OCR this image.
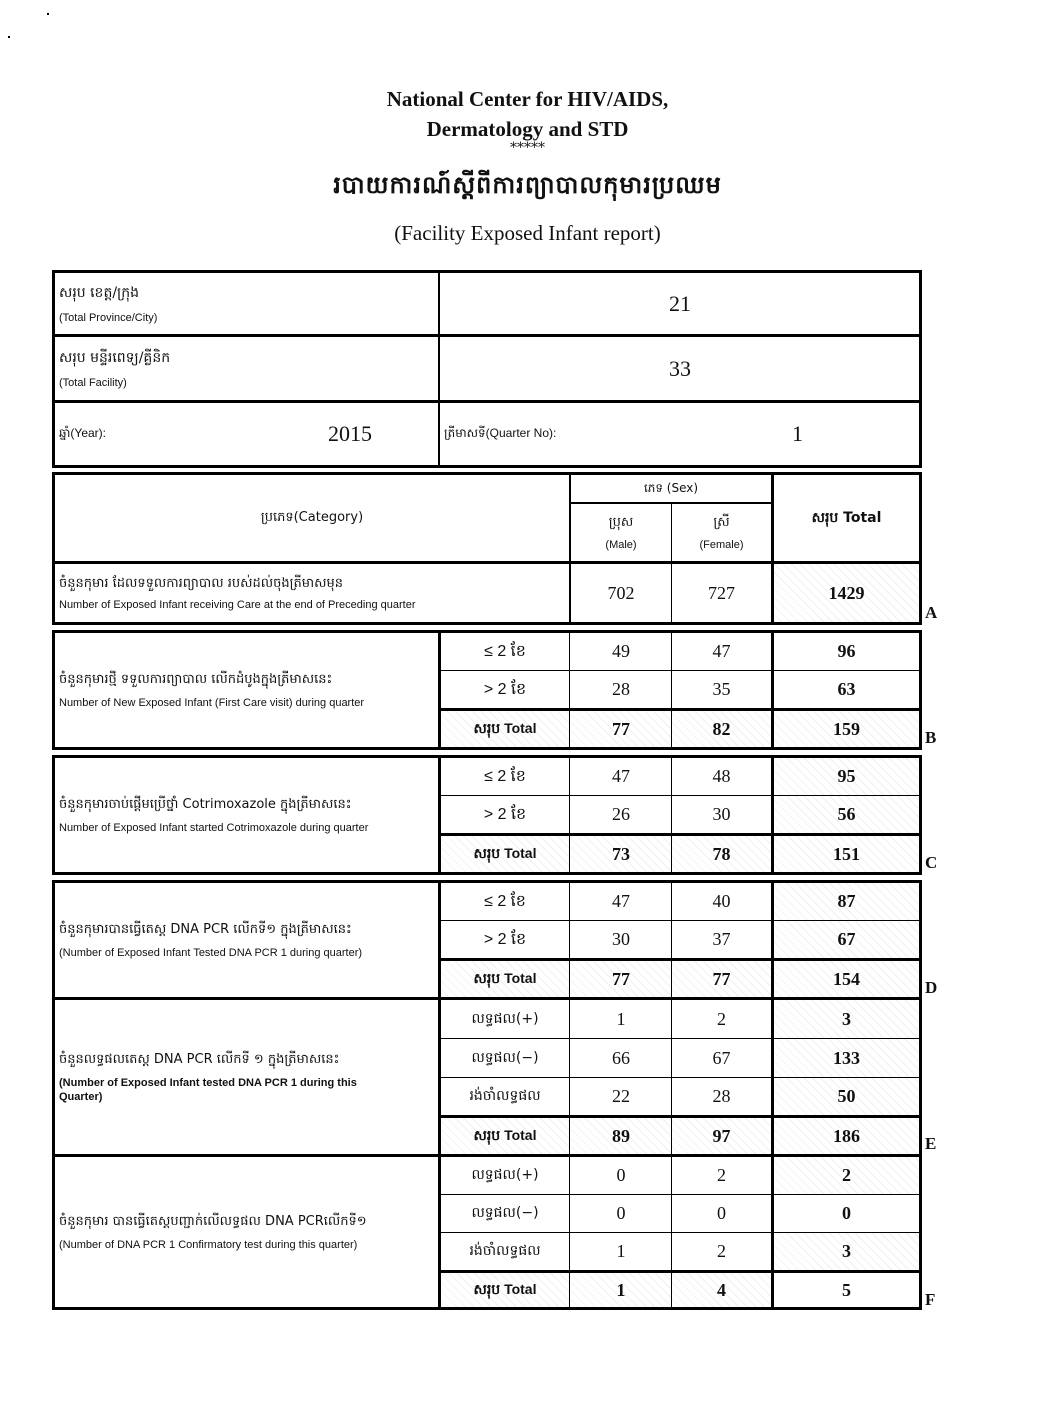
National Center for HIV/AIDS,
Dermatology and STD
*****
របាយការណ៍ស្តីពីការព្យាបាលកុមារប្រឈម
(Facility Exposed Infant report)
សរុប ខេត្ត/ក្រុង
(Total Province/City)
21
សរុប មន្ទីរពេទ្យ/គ្លីនិក
(Total Facility)
33
ឆ្នាំ(Year):	2015	ត្រីមាសទី(Quarter No):	1
ប្រភេទ(Category)
ភេទ (Sex)
ប្រុស
(Male)
ស្រី
(Female)
សរុប Total
ចំនួនកុមារ ដែលទទួលការព្យាបាល របស់ដល់ចុងត្រីមាសមុន
Number of Exposed Infant receiving Care at the end of Preceding quarter
702	727	1429
A
ចំនួនកុមារថ្មី ទទួលការព្យាបាល លើកដំបូងក្នុងត្រីមាសនេះ
Number of New Exposed Infant (First Care visit) during quarter
≤ 2 ខែ	49	47	96
> 2 ខែ	28	35	63
សរុប Total	77	82	159	B
ចំនួនកុមារចាប់ផ្តើមប្រើថ្នាំ Cotrimoxazole ក្នុងត្រីមាសនេះ
Number of Exposed Infant started Cotrimoxazole during quarter
≤ 2 ខែ	47	48	95
> 2 ខែ	26	30	56
សរុប Total	73	78	151	C
ចំនួនកុមារបានធ្វើតេស្ត DNA PCR លើកទី១ ក្នុងត្រីមាសនេះ
(Number of Exposed Infant Tested DNA PCR 1 during quarter)
≤ 2 ខែ	47	40	87
> 2 ខែ	30	37	67
សរុប Total	77	77	154	D
ចំនួនលទ្ធផលតេស្ត DNA PCR លើកទី ១ ក្នុងត្រីមាសនេះ
(Number of Exposed Infant tested DNA PCR 1 during this Quarter)
លទ្ធផល(+)	1	2	3
លទ្ធផល(−)	66	67	133
រង់ចាំលទ្ធផល	22	28	50
សរុប Total	89	97	186	E
ចំនួនកុមារ បានធ្វើតេស្តបញ្ជាក់លើលទ្ធផល DNA PCRលើកទី១
(Number of DNA PCR 1 Confirmatory test during this quarter)
លទ្ធផល(+)	0	2	2
លទ្ធផល(−)	0	0	0
រង់ចាំលទ្ធផល	1	2	3
សរុប Total	1	4	5	F
